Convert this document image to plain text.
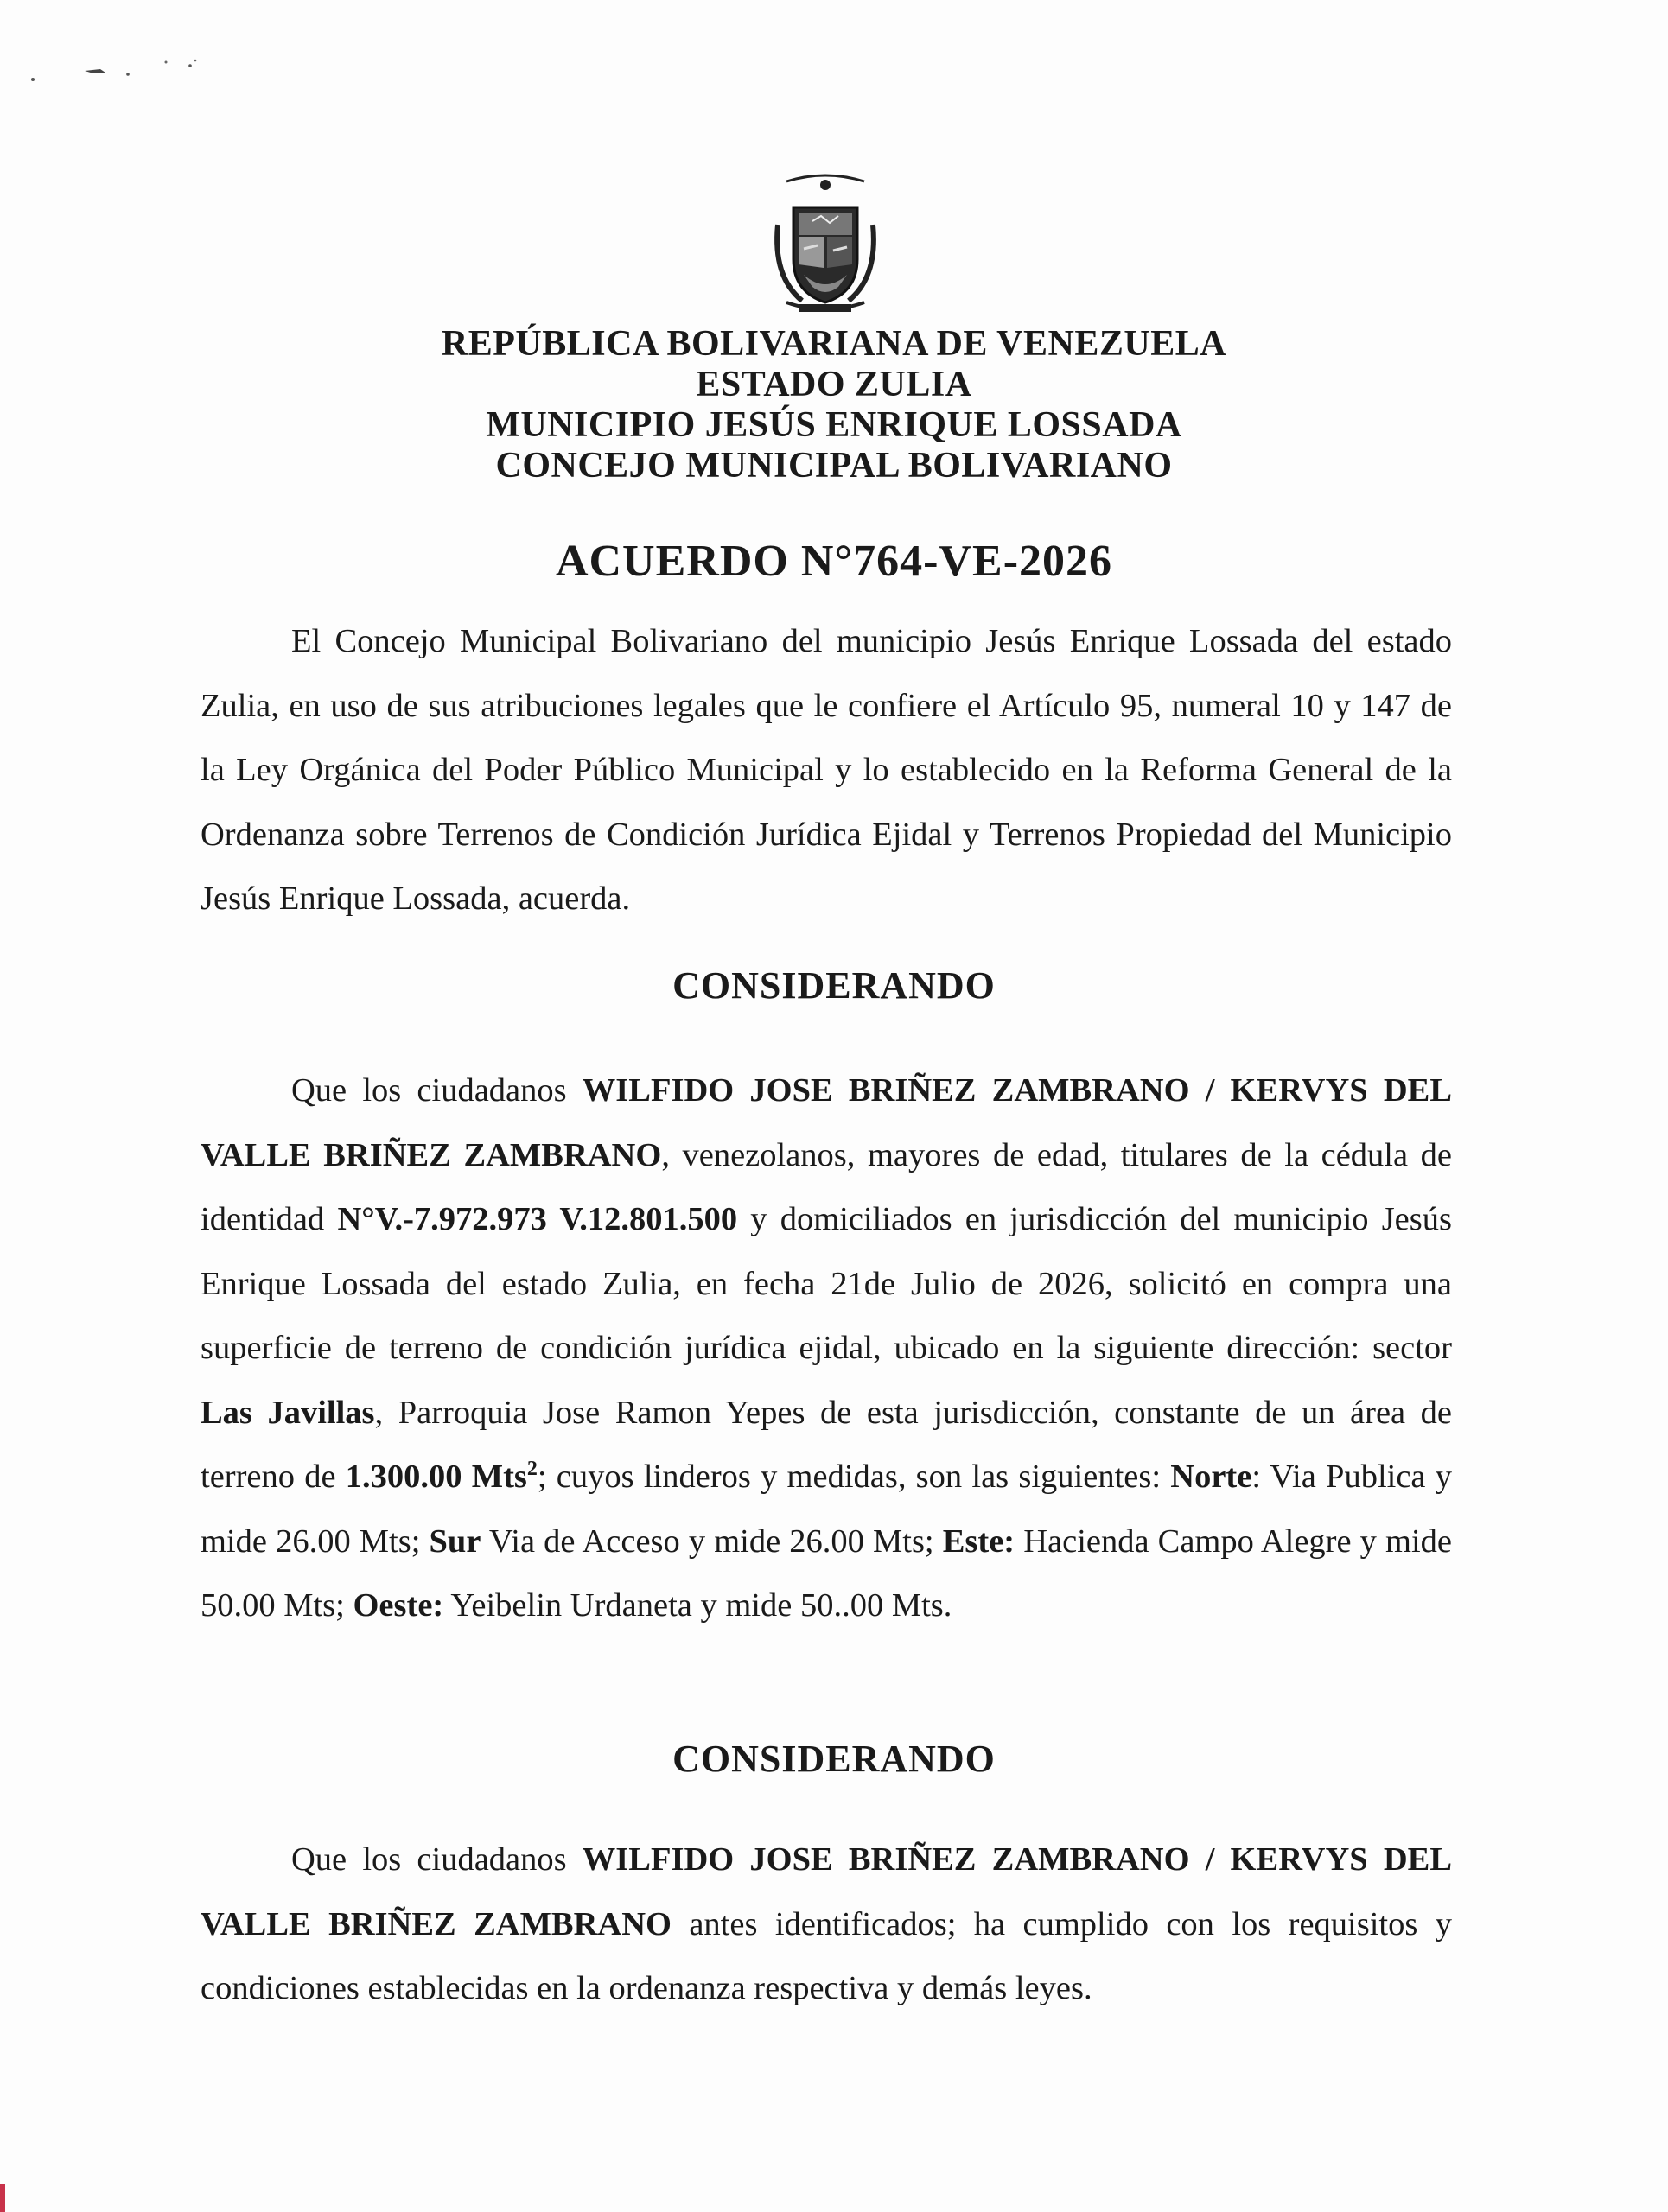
REPÚBLICA BOLIVARIANA DE VENEZUELA
ESTADO ZULIA
MUNICIPIO JESÚS ENRIQUE LOSSADA
CONCEJO MUNICIPAL BOLIVARIANO
ACUERDO N°764-VE-2026
El Concejo Municipal Bolivariano del municipio Jesús Enrique Lossada del estado Zulia, en uso de sus atribuciones legales que le confiere el Artículo 95, numeral 10 y 147 de la Ley Orgánica del Poder Público Municipal y lo establecido en la Reforma General de la Ordenanza sobre Terrenos de Condición Jurídica Ejidal y Terrenos Propiedad del Municipio Jesús Enrique Lossada, acuerda.
CONSIDERANDO
Que los ciudadanos WILFIDO JOSE BRIÑEZ ZAMBRANO / KERVYS DEL VALLE BRIÑEZ ZAMBRANO, venezolanos, mayores de edad, titulares de la cédula de identidad N°V.-7.972.973 V.12.801.500 y domiciliados en jurisdicción del municipio Jesús Enrique Lossada del estado Zulia, en fecha 21de Julio de 2026, solicitó en compra una superficie de terreno de condición jurídica ejidal, ubicado en la siguiente dirección: sector Las Javillas, Parroquia Jose Ramon Yepes de esta jurisdicción, constante de un área de terreno de 1.300.00 Mts$^2$; cuyos linderos y medidas, son las siguientes: Norte: Via Publica y mide 26.00 Mts; Sur Via de Acceso y mide 26.00 Mts; Este: Hacienda Campo Alegre y mide 50.00 Mts; Oeste: Yeibelin Urdaneta y mide 50..00 Mts.
CONSIDERANDO
Que los ciudadanos WILFIDO JOSE BRIÑEZ ZAMBRANO / KERVYS DEL VALLE BRIÑEZ ZAMBRANO antes identificados; ha cumplido con los requisitos y condiciones establecidas en la ordenanza respectiva y demás leyes.
